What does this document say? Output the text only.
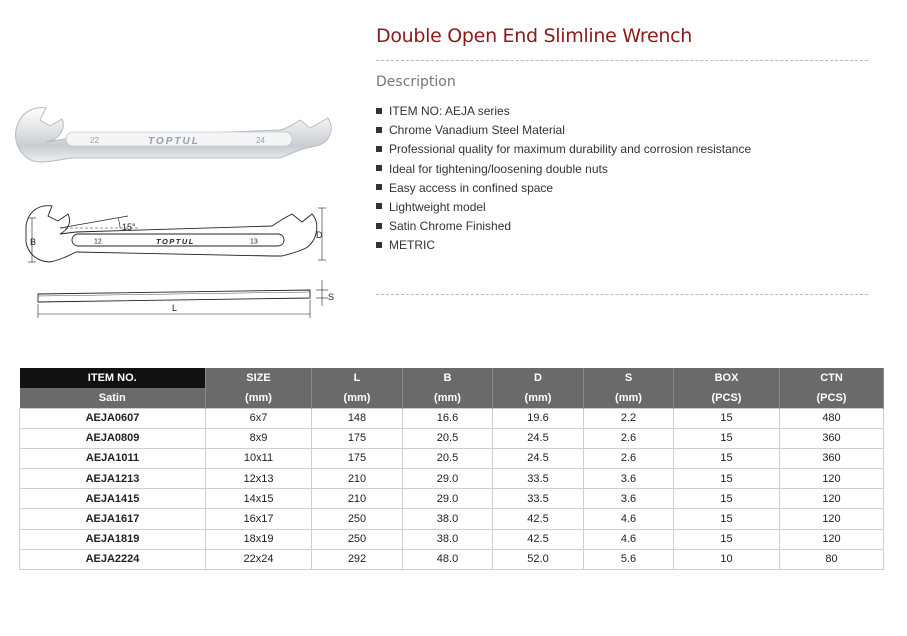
22	TOPTUL	24
15°
12	TOPTUL	13
B
D
L
S
Double Open End Slimline Wrench
Description
ITEM NO: AEJA series
Chrome Vanadium Steel Material
Professional quality for maximum durability and corrosion resistance
Ideal for tightening/loosening double nuts
Easy access in confined space
Lightweight model
Satin Chrome Finished
METRIC
ITEM NO.	SIZE	L	B	D	S	BOX	CTN
Satin	(mm)	(mm)	(mm)	(mm)	(mm)	(PCS)	(PCS)
AEJA0607	6x7	148	16.6	19.6	2.2	15	480
AEJA0809	8x9	175	20.5	24.5	2.6	15	360
AEJA1011	10x11	175	20.5	24.5	2.6	15	360
AEJA1213	12x13	210	29.0	33.5	3.6	15	120
AEJA1415	14x15	210	29.0	33.5	3.6	15	120
AEJA1617	16x17	250	38.0	42.5	4.6	15	120
AEJA1819	18x19	250	38.0	42.5	4.6	15	120
AEJA2224	22x24	292	48.0	52.0	5.6	10	80
